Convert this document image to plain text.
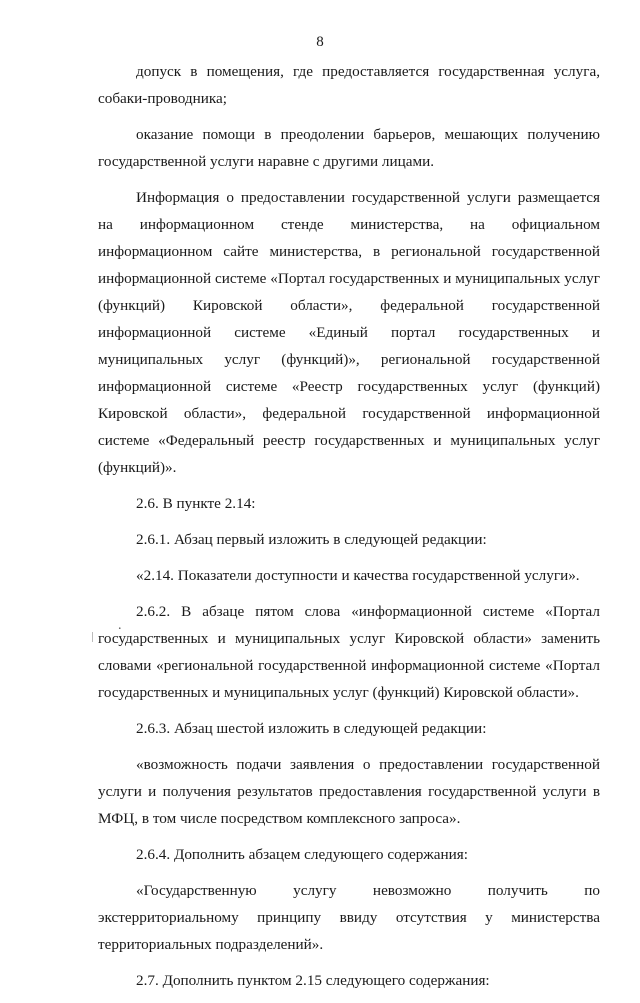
8

допуск в помещения, где предоставляется государственная услуга, собаки-проводника;

оказание помощи в преодолении барьеров, мешающих получению государственной услуги наравне с другими лицами.

Информация о предоставлении государственной услуги размещается на информационном стенде министерства, на официальном информационном сайте министерства, в региональной государственной информационной системе «Портал государственных и муниципальных услуг (функций) Кировской области», федеральной государственной информационной системе «Единый портал государственных и муниципальных услуг (функций)», региональной государственной информационной системе «Реестр государственных услуг (функций) Кировской области», федеральной государственной информационной системе «Федеральный реестр государственных и муниципальных услуг (функций)».

2.6. В пункте 2.14:

2.6.1. Абзац первый изложить в следующей редакции:

«2.14. Показатели доступности и качества государственной услуги».

2.6.2. В абзаце пятом слова «информационной системе «Портал государственных и муниципальных услуг Кировской области» заменить словами «региональной государственной информационной системе «Портал государственных и муниципальных услуг (функций) Кировской области».

2.6.3. Абзац шестой изложить в следующей редакции:

«возможность подачи заявления о предоставлении государственной услуги и получения результатов предоставления государственной услуги в МФЦ, в том числе посредством комплексного запроса».

2.6.4. Дополнить абзацем следующего содержания:

«Государственную услугу невозможно получить по экстерриториальному принципу ввиду отсутствия у министерства территориальных подразделений».

2.7. Дополнить пунктом 2.15 следующего содержания:

.
